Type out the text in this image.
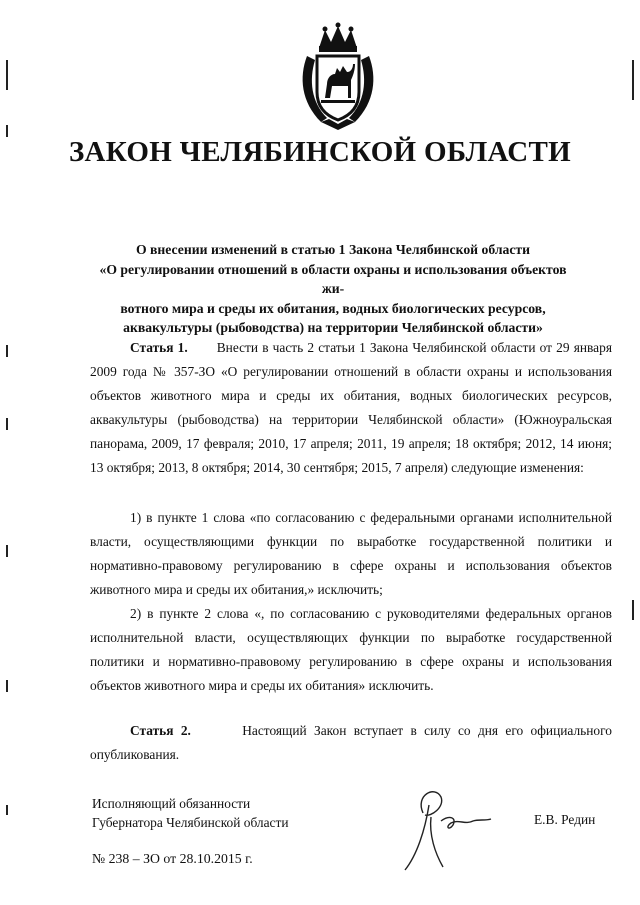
ЗАКОН ЧЕЛЯБИНСКОЙ ОБЛАСТИ
О внесении изменений в статью 1 Закона Челябинской области
«О регулировании отношений в области охраны и использования объектов жи-
вотного мира и среды их обитания, водных биологических ресурсов,
аквакультуры (рыбоводства) на территории Челябинской области»
Статья 1. Внести в часть 2 статьи 1 Закона Челябинской области от 29 января 2009 года № 357-ЗО «О регулировании отношений в области охраны и использования объектов животного мира и среды их обитания, водных биологических ресурсов, аквакультуры (рыбоводства) на территории Челябинской области» (Южноуральская панорама, 2009, 17 февраля; 2010, 17 апреля; 2011, 19 апреля; 18 октября; 2012, 14 июня; 13 октября; 2013, 8 октября; 2014, 30 сентября; 2015, 7 апреля) следующие изменения:
1) в пункте 1 слова «по согласованию с федеральными органами исполнительной власти, осуществляющими функции по выработке государственной политики и нормативно-правовому регулированию в сфере охраны и использования объектов животного мира и среды их обитания,» исключить;
2) в пункте 2 слова «, по согласованию с руководителями федеральных органов исполнительной власти, осуществляющих функции по выработке государственной политики и нормативно-правовому регулированию в сфере охраны и использования объектов животного мира и среды их обитания» исключить.
Статья 2.	Настоящий Закон вступает в силу со дня его официального опубликования.
Исполняющий обязанности
Губернатора Челябинской области	Е.В. Редин
№ 238 – ЗО от 28.10.2015 г.
